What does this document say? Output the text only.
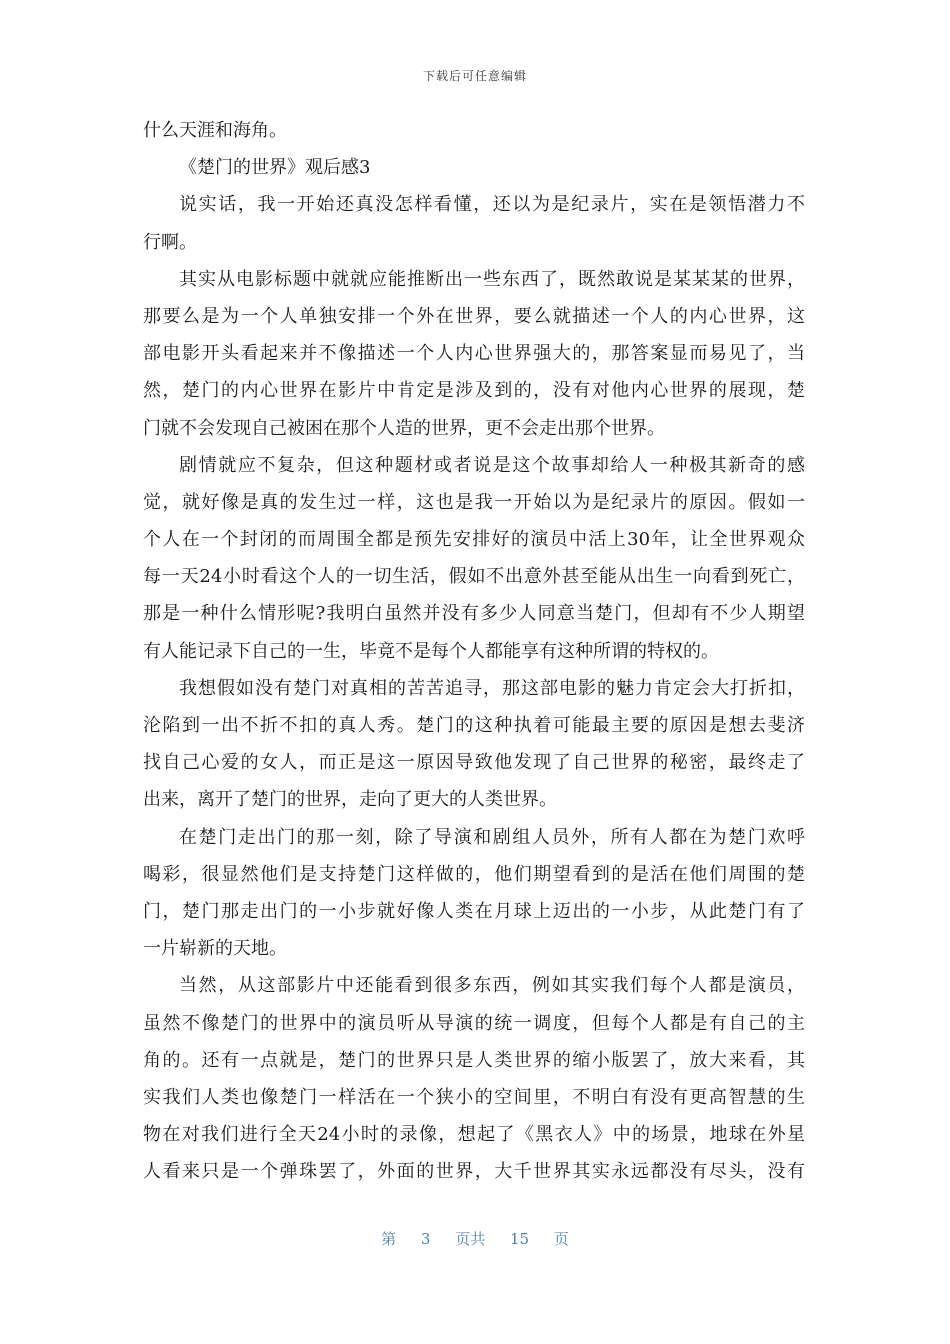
下载后可任意编辑
什么天涯和海角。
《楚门的世界》观后感3
说实话，我一开始还真没怎样看懂，还以为是纪录片，实在是领悟潜力不
行啊。
其实从电影标题中就就应能推断出一些东西了，既然敢说是某某某的世界，
那要么是为一个人单独安排一个外在世界，要么就描述一个人的内心世界，这
部电影开头看起来并不像描述一个人内心世界强大的，那答案显而易见了，当
然，楚门的内心世界在影片中肯定是涉及到的，没有对他内心世界的展现，楚
门就不会发现自己被困在那个人造的世界，更不会走出那个世界。
剧情就应不复杂，但这种题材或者说是这个故事却给人一种极其新奇的感
觉，就好像是真的发生过一样，这也是我一开始以为是纪录片的原因。假如一
个人在一个封闭的而周围全都是预先安排好的演员中活上30年，让全世界观众
每一天24小时看这个人的一切生活，假如不出意外甚至能从出生一向看到死亡，
那是一种什么情形呢?我明白虽然并没有多少人同意当楚门，但却有不少人期望
有人能记录下自己的一生，毕竟不是每个人都能享有这种所谓的特权的。
我想假如没有楚门对真相的苦苦追寻，那这部电影的魅力肯定会大打折扣，
沦陷到一出不折不扣的真人秀。楚门的这种执着可能最主要的原因是想去斐济
找自己心爱的女人，而正是这一原因导致他发现了自己世界的秘密，最终走了
出来，离开了楚门的世界，走向了更大的人类世界。
在楚门走出门的那一刻，除了导演和剧组人员外，所有人都在为楚门欢呼
喝彩，很显然他们是支持楚门这样做的，他们期望看到的是活在他们周围的楚
门，楚门那走出门的一小步就好像人类在月球上迈出的一小步，从此楚门有了
一片崭新的天地。
当然，从这部影片中还能看到很多东西，例如其实我们每个人都是演员，
虽然不像楚门的世界中的演员听从导演的统一调度，但每个人都是有自己的主
角的。还有一点就是，楚门的世界只是人类世界的缩小版罢了，放大来看，其
实我们人类也像楚门一样活在一个狭小的空间里，不明白有没有更高智慧的生
物在对我们进行全天24小时的录像，想起了《黑衣人》中的场景，地球在外星
人看来只是一个弹珠罢了，外面的世界，大千世界其实永远都没有尽头，没有
第 3 页共 15 页
